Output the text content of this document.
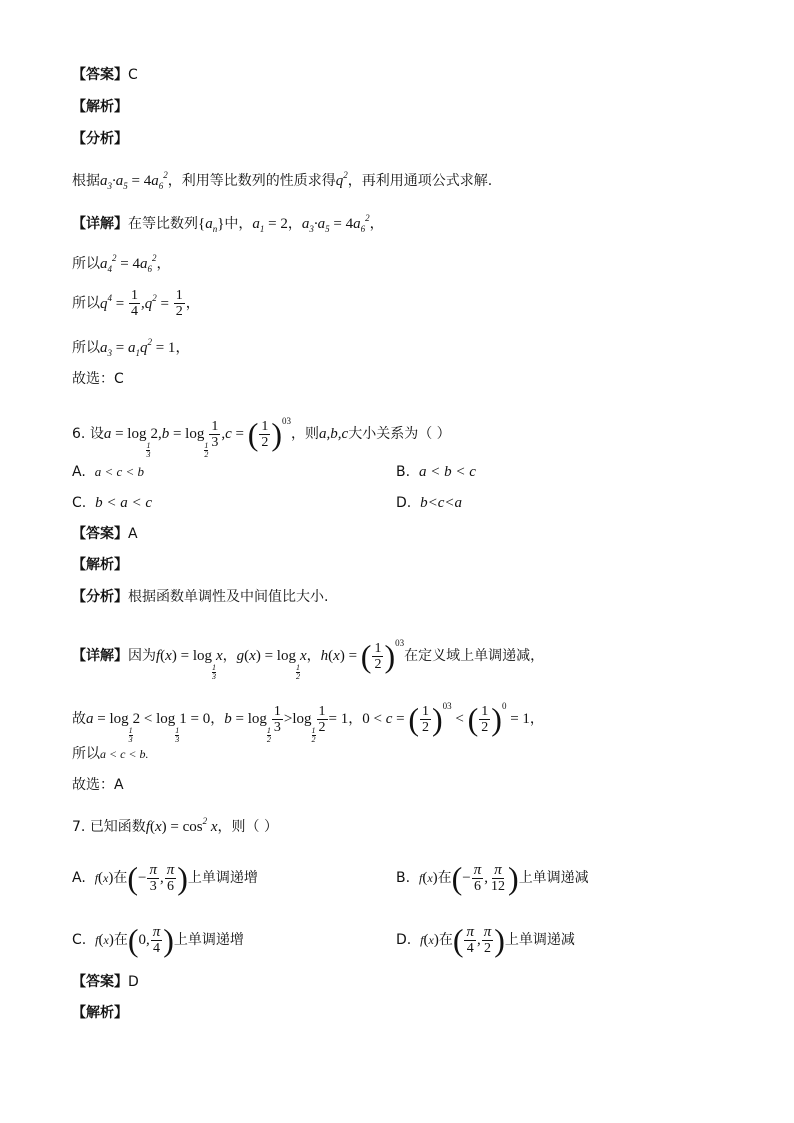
【答案】C
【解析】
【分析】
根据$a_3\cdot a_5 = 4a_6^2$，利用等比数列的性质求得$q^2$，再利用通项公式求解.
【详解】在等比数列$\{a_n\}$中，$a_1 = 2$，$a_3\cdot a_5 = 4a_6^2$，
所以$a_4^2 = 4a_6^2$，
所以$q^4 = \frac{1}{4} ,q^2 = \frac{1}{2}$ ，
所以$a_3 = a_1q^2 = 1$，
故选：C
6. 设a = log
$\frac{1}{3}$
2,b = log
$\frac{1}{2}$
$\frac{1}{3} ,c$ = ( $\frac{1}{2} )^{03}$，则a,b,c大小关系为（ ）
A. a < c < b	B. a < b < c
C. b < a < c	D. b<c<a
【答案】A
【解析】
【分析】根据函数单调性及中间值比大小.
【详解】因为f(x) = log
$\frac{1}{3}$
x，g(x) = log
$\frac{1}{2}$
x，h(x) = ( $\frac{1}{2} )^{03}$在定义域上单调递减，
故a = log
$\frac{1}{3}$
2 < log
$\frac{1}{3}$
1 = 0，b = log
$\frac{1}{2}$
$\frac{1}{3} >\log$
$\frac{1}{2}$
$\frac{1}{2} = 1$，0 < c = ( $\frac{1}{2} )^{03}$ < ( $\frac{1}{2} )^0 = 1$，
所以a < c < b.
故选：A
7. 已知函数$f(x) = \cos^2 x$，则（ ）
A. f(x)在(− $\frac{\pi}{3}$ , $\frac{\pi}{6}$ )上单调递增	B. f(x)在(− $\frac{\pi}{6}$ , $\frac{\pi}{12}$ )上单调递减
C. f(x)在(0, $\frac{\pi}{4}$ )上单调递增	D. f(x)在( $\frac{\pi}{4}$ , $\frac{\pi}{2}$ )上单调递减
【答案】D
【解析】
